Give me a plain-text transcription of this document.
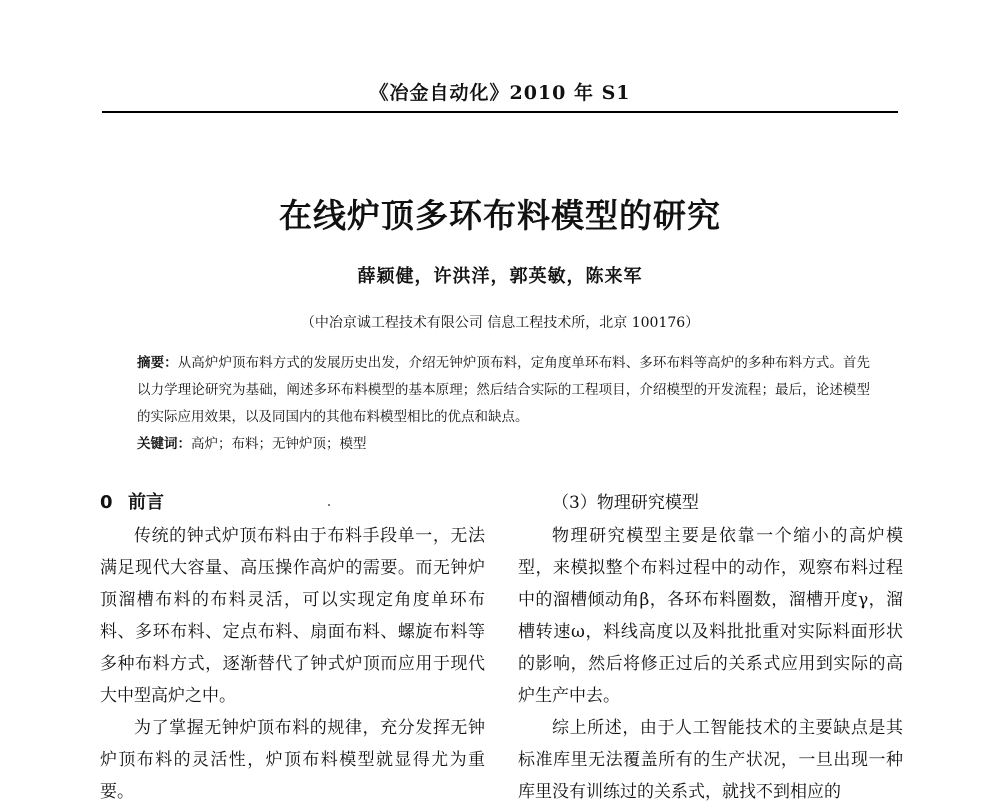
《冶金自动化》2010 年 S1
在线炉顶多环布料模型的研究
薛颖健，许洪洋，郭英敏，陈来军
（中冶京诚工程技术有限公司 信息工程技术所，北京 100176）
摘要：从高炉炉顶布料方式的发展历史出发，介绍无钟炉顶布料，定角度单环布料、多环布料等高炉的多种布料方式。首先以力学理论研究为基础，阐述多环布料模型的基本原理；然后结合实际的工程项目，介绍模型的开发流程；最后，论述模型的实际应用效果，以及同国内的其他布料模型相比的优点和缺点。
关键词：高炉；布料；无钟炉顶；模型
0 前言

传统的钟式炉顶布料由于布料手段单一，无法满足现代大容量、高压操作高炉的需要。而无钟炉顶溜槽布料的布料灵活，可以实现定角度单环布料、多环布料、定点布料、扇面布料、螺旋布料等多种布料方式，逐渐替代了钟式炉顶而应用于现代大中型高炉之中。

为了掌握无钟炉顶布料的规律，充分发挥无钟炉顶布料的灵活性，炉顶布料模型就显得尤为重要。

（3）物理研究模型

物理研究模型主要是依靠一个缩小的高炉模型，来模拟整个布料过程中的动作，观察布料过程中的溜槽倾动角β，各环布料圈数，溜槽开度γ，溜槽转速ω，料线高度以及料批批重对实际料面形状的影响，然后将修正过后的关系式应用到实际的高炉生产中去。

综上所述，由于人工智能技术的主要缺点是其标准库里无法覆盖所有的生产状况，一旦出现一种库里没有训练过的关系式，就找不到相应的
